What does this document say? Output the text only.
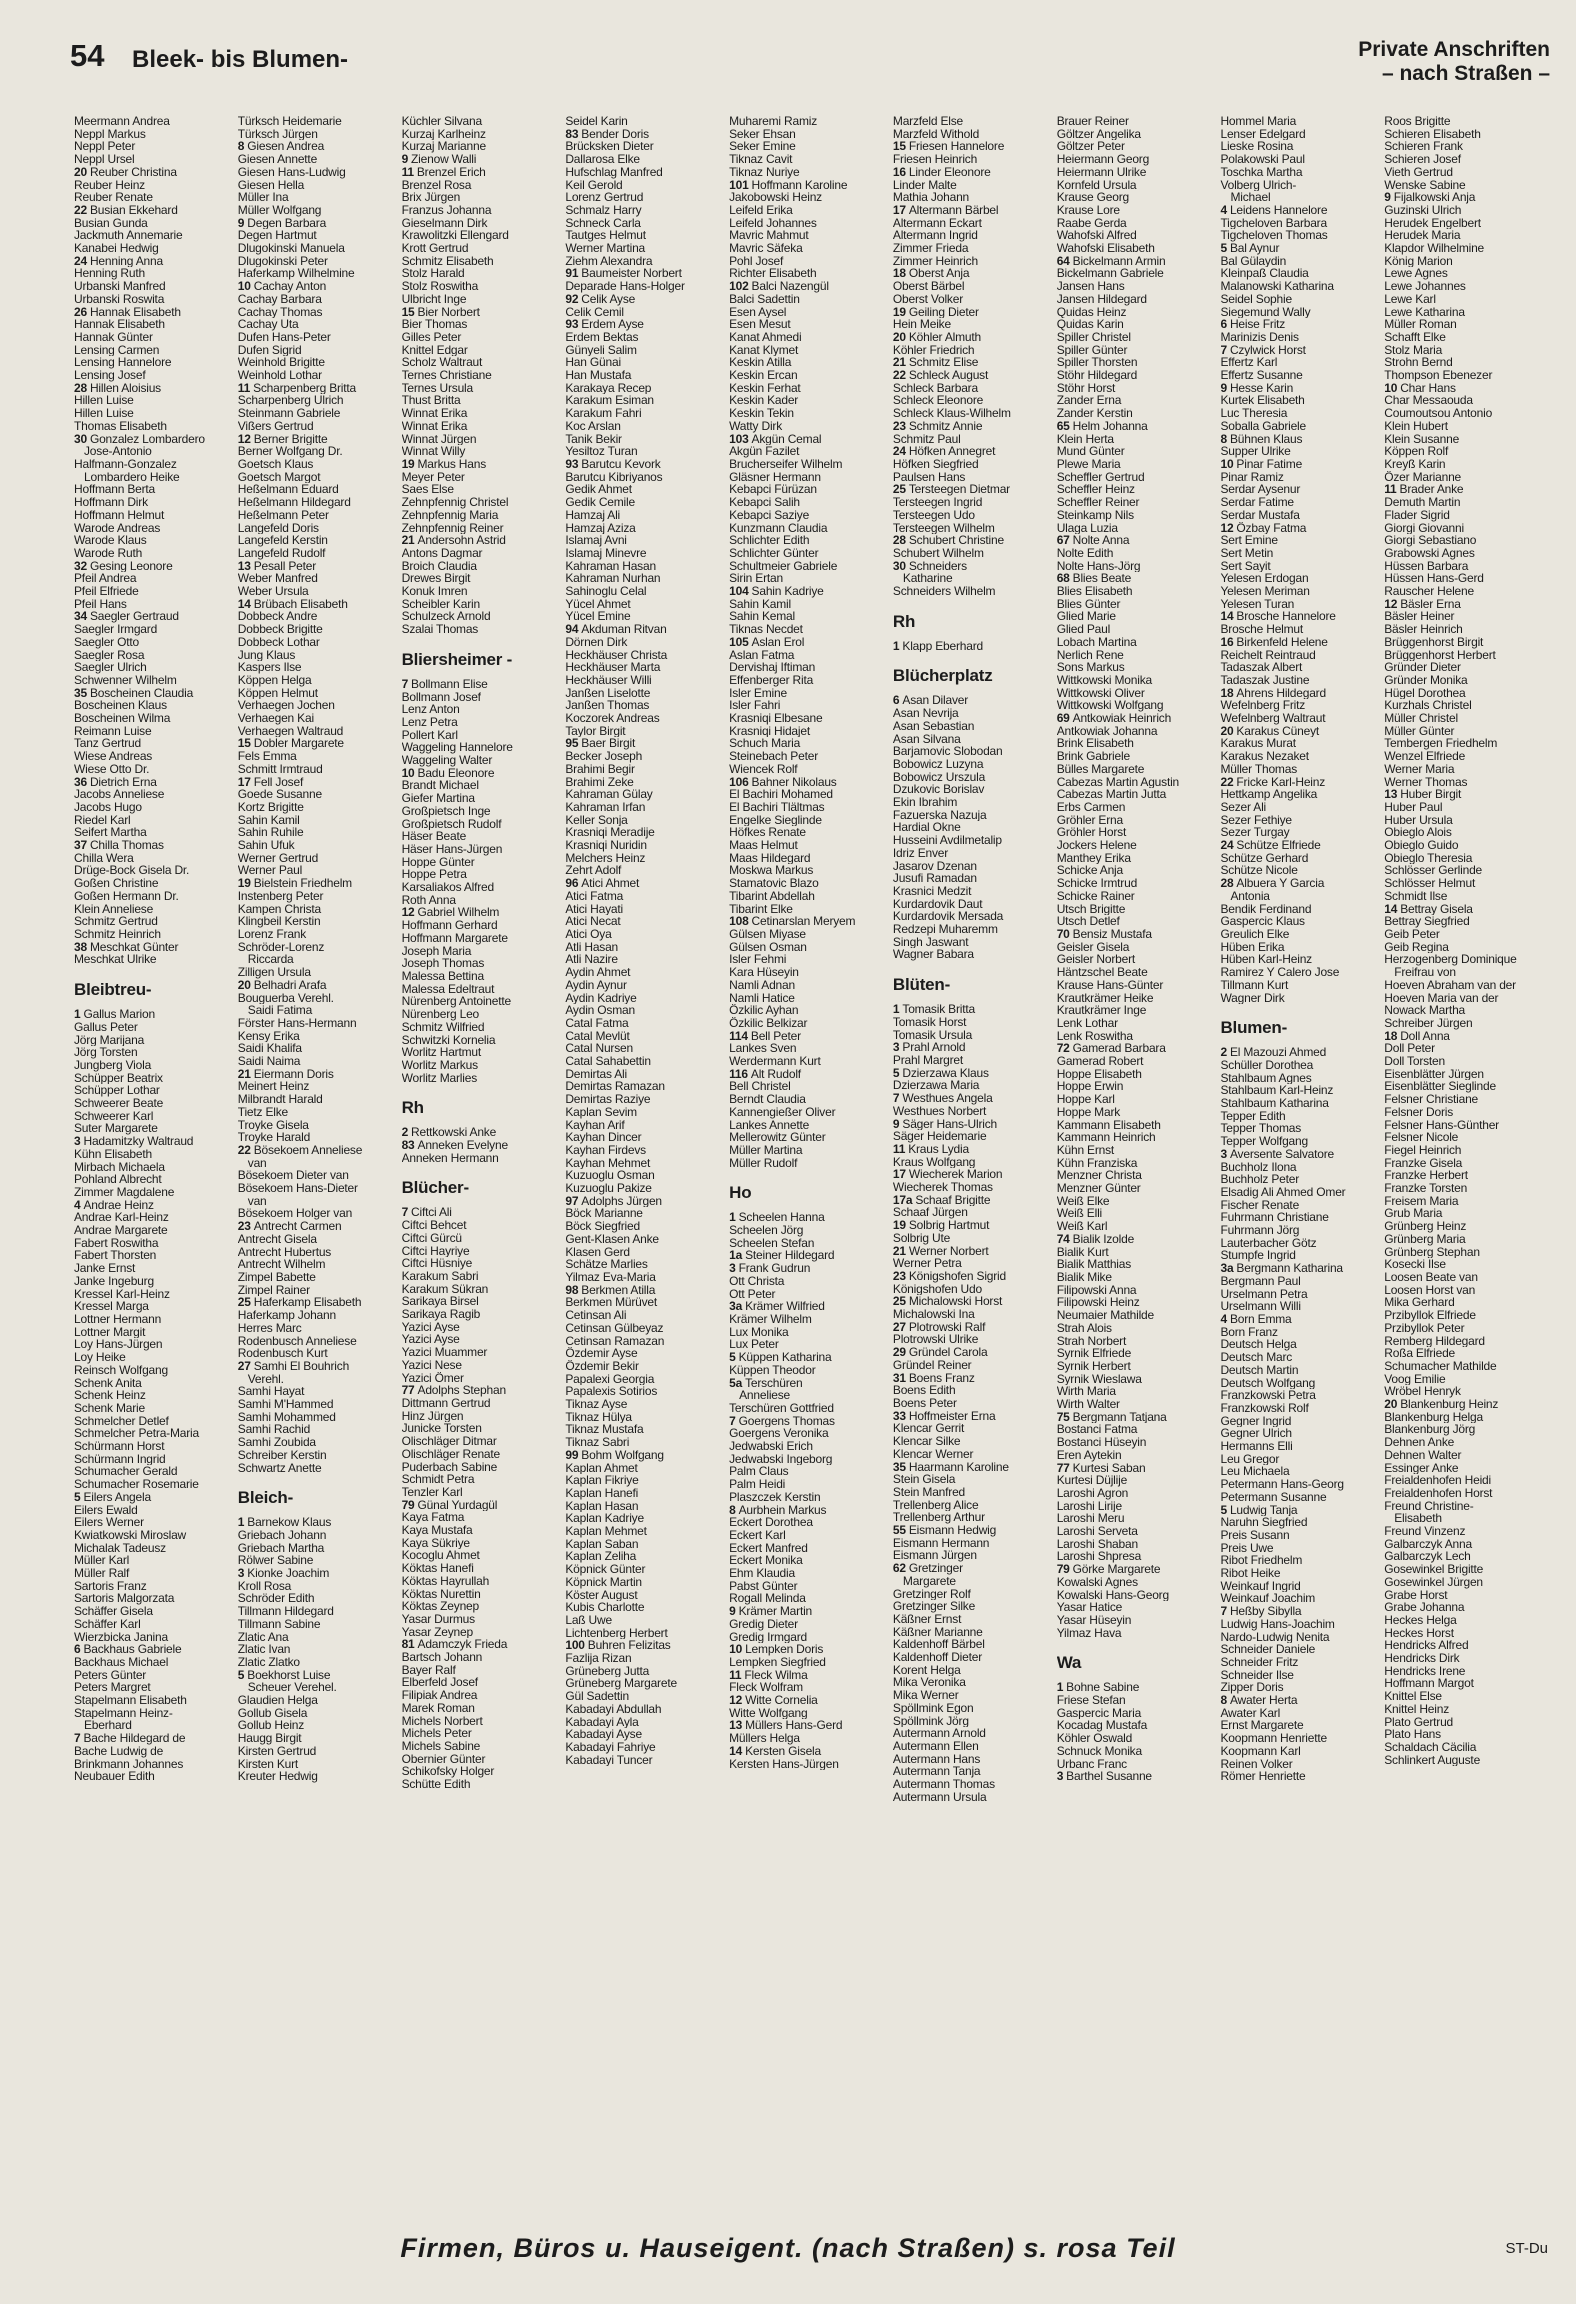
54 Bleek- bis Blumen-	Private Anschriften
– nach Straßen –
Meermann Andrea
Neppl Markus
Neppl Peter
Neppl Ursel
20 Reuber Christina
Reuber Heinz
Reuber Renate
22 Busian Ekkehard
Busian Gunda
Jackmuth Annemarie
Kanabei Hedwig
24 Henning Anna
Henning Ruth
Urbanski Manfred
Urbanski Roswita
26 Hannak Elisabeth
Hannak Elisabeth
Hannak Günter
Lensing Carmen
Lensing Hannelore
Lensing Josef
28 Hillen Aloisius
Hillen Luise
Hillen Luise
Thomas Elisabeth
30 Gonzalez Lombardero
Jose-Antonio
Halfmann-Gonzalez
Lombardero Heike
Hoffmann Berta
Hoffmann Dirk
Hoffmann Helmut
Warode Andreas
Warode Klaus
Warode Ruth
32 Gesing Leonore
Pfeil Andrea
Pfeil Elfriede
Pfeil Hans
34 Saegler Gertraud
Saegler Irmgard
Saegler Otto
Saegler Rosa
Saegler Ulrich
Schwenner Wilhelm
35 Boscheinen Claudia
Boscheinen Klaus
Boscheinen Wilma
Reimann Luise
Tanz Gertrud
Wiese Andreas
Wiese Otto Dr.
36 Dietrich Erna
Jacobs Anneliese
Jacobs Hugo
Riedel Karl
Seifert Martha
37 Chilla Thomas
Chilla Wera
Drüge-Bock Gisela Dr.
Goßen Christine
Goßen Hermann Dr.
Klein Anneliese
Schmitz Gertrud
Schmitz Heinrich
38 Meschkat Günter
Meschkat Ulrike
Bleibtreu-
1 Gallus Marion
Gallus Peter
Jörg Marijana
Jörg Torsten
Jungberg Viola
Schüpper Beatrix
Schüpper Lothar
Schweerer Beate
Schweerer Karl
Suter Margarete
3 Hadamitzky Waltraud
Kühn Elisabeth
Mirbach Michaela
Pohland Albrecht
Zimmer Magdalene
4 Andrae Heinz
Andrae Karl-Heinz
Andrae Margarete
Fabert Roswitha
Fabert Thorsten
Janke Ernst
Janke Ingeburg
Kressel Karl-Heinz
Kressel Marga
Lottner Hermann
Lottner Margit
Loy Hans-Jürgen
Loy Heike
Reinsch Wolfgang
Schenk Anita
Schenk Heinz
Schenk Marie
Schmelcher Detlef
Schmelcher Petra-Maria
Schürmann Horst
Schürmann Ingrid
Schumacher Gerald
Schumacher Rosemarie
5 Eilers Angela
Eilers Ewald
Eilers Werner
Kwiatkowski Miroslaw
Michalak Tadeusz
Müller Karl
Müller Ralf
Sartoris Franz
Sartoris Malgorzata
Schäffer Gisela
Schäffer Karl
Wierzbicka Janina
6 Backhaus Gabriele
Backhaus Michael
Peters Günter
Peters Margret
Stapelmann Elisabeth
Stapelmann Heinz-
Eberhard
7 Bache Hildegard de
Bache Ludwig de
Brinkmann Johannes
Neubauer Edith
Türksch Heidemarie
Türksch Jürgen
8 Giesen Andrea
Giesen Annette
Giesen Hans-Ludwig
Giesen Hella
Müller Ina
Müller Wolfgang
9 Degen Barbara
Degen Hartmut
Dlugokinski Manuela
Dlugokinski Peter
Haferkamp Wilhelmine
10 Cachay Anton
Cachay Barbara
Cachay Thomas
Cachay Uta
Dufen Hans-Peter
Dufen Sigrid
Weinhold Brigitte
Weinhold Lothar
11 Scharpenberg Britta
Scharpenberg Ulrich
Steinmann Gabriele
Vißers Gertrud
12 Berner Brigitte
Berner Wolfgang Dr.
Goetsch Klaus
Goetsch Margot
Heßelmann Eduard
Heßelmann Hildegard
Heßelmann Peter
Langefeld Doris
Langefeld Kerstin
Langefeld Rudolf
13 Pesall Peter
Weber Manfred
Weber Ursula
14 Brübach Elisabeth
Dobbeck Andre
Dobbeck Brigitte
Dobbeck Lothar
Jung Klaus
Kaspers Ilse
Köppen Helga
Köppen Helmut
Verhaegen Jochen
Verhaegen Kai
Verhaegen Waltraud
15 Dobler Margarete
Fels Emma
Schmitt Irmtraud
17 Fell Josef
Goede Susanne
Kortz Brigitte
Sahin Kamil
Sahin Ruhile
Sahin Ufuk
Werner Gertrud
Werner Paul
19 Bielstein Friedhelm
Instenberg Peter
Kampen Christa
Klingbeil Kerstin
Lorenz Frank
Schröder-Lorenz
Riccarda
Zilligen Ursula
20 Belhadri Arafa
Bouguerba Verehl.
Saidi Fatima
Förster Hans-Hermann
Kensy Erika
Saidi Khalifa
Saidi Naima
21 Eiermann Doris
Meinert Heinz
Milbrandt Harald
Tietz Elke
Troyke Gisela
Troyke Harald
22 Bösekoem Anneliese
van
Bösekoem Dieter van
Bösekoem Hans-Dieter
van
Bösekoem Holger van
23 Antrecht Carmen
Antrecht Gisela
Antrecht Hubertus
Antrecht Wilhelm
Zimpel Babette
Zimpel Rainer
25 Haferkamp Elisabeth
Haferkamp Johann
Herres Marc
Rodenbusch Anneliese
Rodenbusch Kurt
27 Samhi El Bouhrich
Verehl.
Samhi Hayat
Samhi M'Hammed
Samhi Mohammed
Samhi Rachid
Samhi Zoubida
Schreiber Kerstin
Schwartz Anette
Bleich-
1 Barnekow Klaus
Griebach Johann
Griebach Martha
Rölwer Sabine
3 Kionke Joachim
Kroll Rosa
Schröder Edith
Tillmann Hildegard
Tillmann Sabine
Zlatic Ana
Zlatic Ivan
Zlatic Zlatko
5 Boekhorst Luise
Scheuer Verehel.
Glaudien Helga
Gollub Gisela
Gollub Heinz
Haugg Birgit
Kirsten Gertrud
Kirsten Kurt
Kreuter Hedwig
Küchler Silvana
Kurzaj Karlheinz
Kurzaj Marianne
9 Zienow Walli
11 Brenzel Erich
Brenzel Rosa
Brix Jürgen
Franzus Johanna
Gieselmann Dirk
Krawolitzki Ellengard
Krott Gertrud
Schmitz Elisabeth
Stolz Harald
Stolz Roswitha
Ulbricht Inge
15 Bier Norbert
Bier Thomas
Gilles Peter
Knittel Edgar
Scholz Waltraut
Ternes Christiane
Ternes Ursula
Thust Britta
Winnat Erika
Winnat Erika
Winnat Jürgen
Winnat Willy
19 Markus Hans
Meyer Peter
Saes Else
Zehnpfennig Christel
Zehnpfennig Maria
Zehnpfennig Reiner
21 Andersohn Astrid
Antons Dagmar
Broich Claudia
Drewes Birgit
Konuk Imren
Scheibler Karin
Schulzeck Arnold
Szalai Thomas
Bliersheimer -
7 Bollmann Elise
Bollmann Josef
Lenz Anton
Lenz Petra
Pollert Karl
Waggeling Hannelore
Waggeling Walter
10 Badu Eleonore
Brandt Michael
Giefer Martina
Großpietsch Inge
Großpietsch Rudolf
Häser Beate
Häser Hans-Jürgen
Hoppe Günter
Hoppe Petra
Karsaliakos Alfred
Roth Anna
12 Gabriel Wilhelm
Hoffmann Gerhard
Hoffmann Margarete
Joseph Maria
Joseph Thomas
Malessa Bettina
Malessa Edeltraut
Nürenberg Antoinette
Nürenberg Leo
Schmitz Wilfried
Schwitzki Kornelia
Worlitz Hartmut
Worlitz Markus
Worlitz Marlies
Rh
2 Rettkowski Anke
83 Anneken Evelyne
Anneken Hermann
Blücher-
7 Ciftci Ali
Ciftci Behcet
Ciftci Gürcü
Ciftci Hayriye
Ciftci Hüsniye
Karakum Sabri
Karakum Sükran
Sarikaya Birsel
Sarikaya Ragib
Yazici Ayse
Yazici Ayse
Yazici Muammer
Yazici Nese
Yazici Ömer
77 Adolphs Stephan
Dittmann Gertrud
Hinz Jürgen
Junicke Torsten
Olischläger Ditmar
Olischläger Renate
Puderbach Sabine
Schmidt Petra
Tenzler Karl
79 Günal Yurdagül
Kaya Fatma
Kaya Mustafa
Kaya Sükriye
Kocoglu Ahmet
Köktas Hanefi
Köktas Hayrullah
Köktas Nurettin
Köktas Zeynep
Yasar Durmus
Yasar Zeynep
81 Adamczyk Frieda
Bartsch Johann
Bayer Ralf
Elberfeld Josef
Filipiak Andrea
Marek Roman
Michels Norbert
Michels Peter
Michels Sabine
Obernier Günter
Schikofsky Holger
Schütte Edith
Seidel Karin
83 Bender Doris
Brücksken Dieter
Dallarosa Elke
Hufschlag Manfred
Keil Gerold
Lorenz Gertrud
Schmalz Harry
Schneck Carla
Tautges Helmut
Werner Martina
Ziehm Alexandra
91 Baumeister Norbert
Deparade Hans-Holger
92 Celik Ayse
Celik Cemil
93 Erdem Ayse
Erdem Bektas
Günyeli Salim
Han Günai
Han Mustafa
Karakaya Recep
Karakum Esiman
Karakum Fahri
Koc Arslan
Tanik Bekir
Yesiltoz Turan
93 Barutcu Kevork
Barutcu Kibriyanos
Gedik Ahmet
Gedik Cemile
Hamzaj Ali
Hamzaj Aziza
Islamaj Avni
Islamaj Minevre
Kahraman Hasan
Kahraman Nurhan
Sahinoglu Celal
Yücel Ahmet
Yücel Emine
94 Akduman Ritvan
Dörnen Dirk
Heckhäuser Christa
Heckhäuser Marta
Heckhäuser Willi
Janßen Liselotte
Janßen Thomas
Koczorek Andreas
Taylor Birgit
95 Baer Birgit
Becker Joseph
Brahimi Begir
Brahimi Zeke
Kahraman Gülay
Kahraman Irfan
Keller Sonja
Krasniqi Meradije
Krasniqi Nuridin
Melchers Heinz
Zehrt Adolf
96 Atici Ahmet
Atici Fatma
Atici Hayati
Atici Necat
Atici Oya
Atli Hasan
Atli Nazire
Aydin Ahmet
Aydin Aynur
Aydin Kadriye
Aydin Osman
Catal Fatma
Catal Mevlüt
Catal Nursen
Catal Sahabettin
Demirtas Ali
Demirtas Ramazan
Demirtas Raziye
Kaplan Sevim
Kayhan Arif
Kayhan Dincer
Kayhan Firdevs
Kayhan Mehmet
Kuzuoglu Osman
Kuzuoglu Pakize
97 Adolphs Jürgen
Böck Marianne
Böck Siegfried
Gent-Klasen Anke
Klasen Gerd
Schätze Marlies
Yilmaz Eva-Maria
98 Berkmen Atilla
Berkmen Mürüvet
Cetinsan Ali
Cetinsan Gülbeyaz
Cetinsan Ramazan
Özdemir Ayse
Özdemir Bekir
Papalexi Georgia
Papalexis Sotirios
Tiknaz Ayse
Tiknaz Hülya
Tiknaz Mustafa
Tiknaz Sabri
99 Bohm Wolfgang
Kaplan Ahmet
Kaplan Fikriye
Kaplan Hanefi
Kaplan Hasan
Kaplan Kadriye
Kaplan Mehmet
Kaplan Saban
Kaplan Zeliha
Köpnick Günter
Köpnick Martin
Köster August
Kubis Charlotte
Laß Uwe
Lichtenberg Herbert
100 Buhren Felizitas
Fazlija Rizan
Grüneberg Jutta
Grüneberg Margarete
Gül Sadettin
Kabadayi Abdullah
Kabadayi Ayla
Kabadayi Ayse
Kabadayi Fahriye
Kabadayi Tuncer
Muharemi Ramiz
Seker Ehsan
Seker Emine
Tiknaz Cavit
Tiknaz Nuriye
101 Hoffmann Karoline
Jakobowski Heinz
Leifeld Erika
Leifeld Johannes
Mavric Mahmut
Mavric Säfeka
Pohl Josef
Richter Elisabeth
102 Balci Nazengül
Balci Sadettin
Esen Aysel
Esen Mesut
Kanat Ahmedi
Kanat Klymet
Keskin Atilla
Keskin Ercan
Keskin Ferhat
Keskin Kader
Keskin Tekin
Watty Dirk
103 Akgün Cemal
Akgün Fazilet
Brucherseifer Wilhelm
Gläsner Hermann
Kebapci Fürüzan
Kebapci Salih
Kebapci Saziye
Kunzmann Claudia
Schlichter Edith
Schlichter Günter
Schultmeier Gabriele
Sirin Ertan
104 Sahin Kadriye
Sahin Kamil
Sahin Kemal
Tiknas Necdet
105 Aslan Erol
Aslan Fatma
Dervishaj Iftiman
Effenberger Rita
Isler Emine
Isler Fahri
Krasniqi Elbesane
Krasniqi Hidajet
Schuch Maria
Steinebach Peter
Wiencek Rolf
106 Bahner Nikolaus
El Bachiri Mohamed
El Bachiri Tlältmas
Engelke Sieglinde
Höfkes Renate
Maas Helmut
Maas Hildegard
Moskwa Markus
Stamatovic Blazo
Tibarint Abdellah
Tibarint Elke
108 Cetinarslan Meryem
Gülsen Miyase
Gülsen Osman
Isler Fehmi
Kara Hüseyin
Namli Adnan
Namli Hatice
Özkilic Ayhan
Özkilic Belkizar
114 Bell Peter
Lankes Sven
Werdermann Kurt
116 Alt Rudolf
Bell Christel
Berndt Claudia
Kannengießer Oliver
Lankes Annette
Mellerowitz Günter
Müller Martina
Müller Rudolf
Ho
1 Scheelen Hanna
Scheelen Jörg
Scheelen Stefan
1a Steiner Hildegard
3 Frank Gudrun
Ott Christa
Ott Peter
3a Krämer Wilfried
Krämer Wilhelm
Lux Monika
Lux Peter
5 Küppen Katharina
Küppen Theodor
5a Terschüren
Anneliese
Terschüren Gottfried
7 Goergens Thomas
Goergens Veronika
Jedwabski Erich
Jedwabski Ingeborg
Palm Claus
Palm Heidi
Plaszczek Kerstin
8 Aurbhein Markus
Eckert Dorothea
Eckert Karl
Eckert Manfred
Eckert Monika
Ehm Klaudia
Pabst Günter
Rogall Melinda
9 Krämer Martin
Gredig Dieter
Gredig Irmgard
10 Lempken Doris
Lempken Siegfried
11 Fleck Wilma
Fleck Wolfram
12 Witte Cornelia
Witte Wolfgang
13 Müllers Hans-Gerd
Müllers Helga
14 Kersten Gisela
Kersten Hans-Jürgen
Marzfeld Else
Marzfeld Withold
15 Friesen Hannelore
Friesen Heinrich
16 Linder Eleonore
Linder Malte
Mathia Johann
17 Altermann Bärbel
Altermann Eckart
Altermann Ingrid
Zimmer Frieda
Zimmer Heinrich
18 Oberst Anja
Oberst Bärbel
Oberst Volker
19 Geiling Dieter
Hein Meike
20 Köhler Almuth
Köhler Friedrich
21 Schmitz Elise
22 Schleck August
Schleck Barbara
Schleck Eleonore
Schleck Klaus-Wilhelm
23 Schmitz Annie
Schmitz Paul
24 Höfken Annegret
Höfken Siegfried
Paulsen Hans
25 Tersteegen Dietmar
Tersteegen Ingrid
Tersteegen Udo
Tersteegen Wilhelm
28 Schubert Christine
Schubert Wilhelm
30 Schneiders
Katharine
Schneiders Wilhelm
Rh
1 Klapp Eberhard
Blücherplatz
6 Asan Dilaver
Asan Nevrija
Asan Sebastian
Asan Silvana
Barjamovic Slobodan
Bobowicz Luzyna
Bobowicz Urszula
Dzukovic Borislav
Ekin Ibrahim
Fazuerska Nazuja
Hardial Okne
Husseini Avdilmetalip
Idriz Enver
Jasarov Dzenan
Jusufi Ramadan
Krasnici Medzit
Kurdardovik Daut
Kurdardovik Mersada
Redzepi Muharemm
Singh Jaswant
Wagner Babara
Blüten-
1 Tomasik Britta
Tomasik Horst
Tomasik Ursula
3 Prahl Arnold
Prahl Margret
5 Dzierzawa Klaus
Dzierzawa Maria
7 Westhues Angela
Westhues Norbert
9 Säger Hans-Ulrich
Säger Heidemarie
11 Kraus Lydia
Kraus Wolfgang
17 Wiecherek Marion
Wiecherek Thomas
17a Schaaf Brigitte
Schaaf Jürgen
19 Solbrig Hartmut
Solbrig Ute
21 Werner Norbert
Werner Petra
23 Königshofen Sigrid
Königshofen Udo
25 Michalowski Horst
Michalowski Ina
27 Plotrowski Ralf
Plotrowski Ulrike
29 Gründel Carola
Gründel Reiner
31 Boens Franz
Boens Edith
Boens Peter
33 Hoffmeister Erna
Klencar Gerrit
Klencar Silke
Klencar Werner
35 Haarmann Karoline
Stein Gisela
Stein Manfred
Trellenberg Alice
Trellenberg Arthur
55 Eismann Hedwig
Eismann Hermann
Eismann Jürgen
62 Gretzinger
Margarete
Gretzinger Rolf
Gretzinger Silke
Käßner Ernst
Käßner Marianne
Kaldenhoff Bärbel
Kaldenhoff Dieter
Korent Helga
Mika Veronika
Mika Werner
Spöllmink Egon
Spöllmink Jörg
Autermann Arnold
Autermann Ellen
Autermann Hans
Autermann Tanja
Autermann Thomas
Autermann Ursula
Brauer Reiner
Göltzer Angelika
Göltzer Peter
Heiermann Georg
Heiermann Ulrike
Kornfeld Ursula
Krause Georg
Krause Lore
Raabe Gerda
Wahofski Alfred
Wahofski Elisabeth
64 Bickelmann Armin
Bickelmann Gabriele
Jansen Hans
Jansen Hildegard
Quidas Heinz
Quidas Karin
Spiller Christel
Spiller Günter
Spiller Thorsten
Stöhr Hildegard
Stöhr Horst
Zander Erna
Zander Kerstin
65 Helm Johanna
Klein Herta
Mund Günter
Plewe Maria
Scheffler Gertrud
Scheffler Heinz
Scheffler Reiner
Steinkamp Nils
Ulaga Luzia
67 Nolte Anna
Nolte Edith
Nolte Hans-Jörg
68 Blies Beate
Blies Elisabeth
Blies Günter
Glied Marie
Glied Paul
Lobach Martina
Nerlich Rene
Sons Markus
Wittkowski Monika
Wittkowski Oliver
Wittkowski Wolfgang
69 Antkowiak Heinrich
Antkowiak Johanna
Brink Elisabeth
Brink Gabriele
Bülles Margarete
Cabezas Martin Agustin
Cabezas Martin Jutta
Erbs Carmen
Gröhler Erna
Gröhler Horst
Jockers Helene
Manthey Erika
Schicke Anja
Schicke Irmtrud
Schicke Rainer
Utsch Brigitte
Utsch Detlef
70 Bensiz Mustafa
Geisler Gisela
Geisler Norbert
Häntzschel Beate
Krause Hans-Günter
Krautkrämer Heike
Krautkrämer Inge
Lenk Lothar
Lenk Roswitha
72 Gamerad Barbara
Gamerad Robert
Hoppe Elisabeth
Hoppe Erwin
Hoppe Karl
Hoppe Mark
Kammann Elisabeth
Kammann Heinrich
Kühn Ernst
Kühn Franziska
Menzner Christa
Menzner Günter
Weiß Elke
Weiß Elli
Weiß Karl
74 Bialik Izolde
Bialik Kurt
Bialik Matthias
Bialik Mike
Filipowski Anna
Filipowski Heinz
Neumaier Mathilde
Strah Alois
Strah Norbert
Syrnik Elfriede
Syrnik Herbert
Syrnik Wieslawa
Wirth Maria
Wirth Walter
75 Bergmann Tatjana
Bostanci Fatma
Bostanci Hüseyin
Eren Aytekin
77 Kurtesi Saban
Kurtesi Düjlije
Laroshi Agron
Laroshi Lirije
Laroshi Meru
Laroshi Serveta
Laroshi Shaban
Laroshi Shpresa
79 Görke Margarete
Kowalski Agnes
Kowalski Hans-Georg
Yasar Hatice
Yasar Hüseyin
Yilmaz Hava
Wa
1 Bohne Sabine
Friese Stefan
Gaspercic Maria
Kocadag Mustafa
Köhler Oswald
Schnuck Monika
Urbanc Franc
3 Barthel Susanne
Hommel Maria
Lenser Edelgard
Lieske Rosina
Polakowski Paul
Toschka Martha
Volberg Ulrich-
Michael
4 Leidens Hannelore
Tigcheloven Barbara
Tigcheloven Thomas
5 Bal Aynur
Bal Gülaydin
Kleinpaß Claudia
Malanowski Katharina
Seidel Sophie
Siegemund Wally
6 Heise Fritz
Marinizis Denis
7 Czylwick Horst
Effertz Karl
Effertz Susanne
9 Hesse Karin
Kurtek Elisabeth
Luc Theresia
Soballa Gabriele
8 Bühnen Klaus
Supper Ulrike
10 Pinar Fatime
Pinar Ramiz
Serdar Aysenur
Serdar Fatime
Serdar Mustafa
12 Özbay Fatma
Sert Emine
Sert Metin
Sert Sayit
Yelesen Erdogan
Yelesen Meriman
Yelesen Turan
14 Brosche Hannelore
Brosche Helmut
16 Birkenfeld Helene
Reichelt Reintraud
Tadaszak Albert
Tadaszak Justine
18 Ahrens Hildegard
Wefelnberg Fritz
Wefelnberg Waltraut
20 Karakus Cüneyt
Karakus Murat
Karakus Nezaket
Müller Thomas
22 Fricke Karl-Heinz
Hettkamp Angelika
Sezer Ali
Sezer Fethiye
Sezer Turgay
24 Schütze Elfriede
Schütze Gerhard
Schütze Nicole
28 Albuera Y Garcia
Antonia
Bendik Ferdinand
Gaspercic Klaus
Greulich Elke
Hüben Erika
Hüben Karl-Heinz
Ramirez Y Calero Jose
Tillmann Kurt
Wagner Dirk
Blumen-
2 El Mazouzi Ahmed
Schüller Dorothea
Stahlbaum Agnes
Stahlbaum Karl-Heinz
Stahlbaum Katharina
Tepper Edith
Tepper Thomas
Tepper Wolfgang
3 Aversente Salvatore
Buchholz Ilona
Buchholz Peter
Elsadig Ali Ahmed Omer
Fischer Renate
Fuhrmann Christiane
Fuhrmann Jörg
Lauterbacher Götz
Stumpfe Ingrid
3a Bergmann Katharina
Bergmann Paul
Urselmann Petra
Urselmann Willi
4 Born Emma
Born Franz
Deutsch Helga
Deutsch Marc
Deutsch Martin
Deutsch Wolfgang
Franzkowski Petra
Franzkowski Rolf
Gegner Ingrid
Gegner Ulrich
Hermanns Elli
Leu Gregor
Leu Michaela
Petermann Hans-Georg
Petermann Susanne
5 Ludwig Tanja
Naruhn Siegfried
Preis Susann
Preis Uwe
Ribot Friedhelm
Ribot Heike
Weinkauf Ingrid
Weinkauf Joachim
7 Heßby Sibylla
Ludwig Hans-Joachim
Nardo-Ludwig Nenita
Schneider Daniele
Schneider Fritz
Schneider Ilse
Zipper Doris
8 Awater Herta
Awater Karl
Ernst Margarete
Koopmann Henriette
Koopmann Karl
Reinen Volker
Römer Henriette
Roos Brigitte
Schieren Elisabeth
Schieren Frank
Schieren Josef
Vieth Gertrud
Wenske Sabine
9 Fijalkowski Anja
Guzinski Ulrich
Herudek Engelbert
Herudek Maria
Klapdor Wilhelmine
König Marion
Lewe Agnes
Lewe Johannes
Lewe Karl
Lewe Katharina
Müller Roman
Schafft Elke
Stolz Maria
Strohn Bernd
Thompson Ebenezer
10 Char Hans
Char Messaouda
Coumoutsou Antonio
Klein Hubert
Klein Susanne
Köppen Rolf
Kreyß Karin
Özer Marianne
11 Brader Anke
Demuth Martin
Flader Sigrid
Giorgi Giovanni
Giorgi Sebastiano
Grabowski Agnes
Hüssen Barbara
Hüssen Hans-Gerd
Rauscher Helene
12 Bäsler Erna
Bäsler Heiner
Bäsler Heinrich
Brüggenhorst Birgit
Brüggenhorst Herbert
Gründer Dieter
Gründer Monika
Hügel Dorothea
Kurzhals Christel
Müller Christel
Müller Günter
Tembergen Friedhelm
Wenzel Elfriede
Werner Maria
Werner Thomas
13 Huber Birgit
Huber Paul
Huber Ursula
Obieglo Alois
Obieglo Guido
Obieglo Theresia
Schlösser Gerlinde
Schlösser Helmut
Schmidt Ilse
14 Bettray Gisela
Bettray Siegfried
Geib Peter
Geib Regina
Herzogenberg Dominique
Freifrau von
Hoeven Abraham van der
Hoeven Maria van der
Nowack Martha
Schreiber Jürgen
18 Doll Anna
Doll Peter
Doll Torsten
Eisenblätter Jürgen
Eisenblätter Sieglinde
Felsner Christiane
Felsner Doris
Felsner Hans-Günther
Felsner Nicole
Fiegel Heinrich
Franzke Gisela
Franzke Herbert
Franzke Torsten
Freisem Maria
Grub Maria
Grünberg Heinz
Grünberg Maria
Grünberg Stephan
Kosecki Ilse
Loosen Beate van
Loosen Horst van
Mika Gerhard
Przibyllok Elfriede
Przibyllok Peter
Remberg Hildegard
Roßa Elfriede
Schumacher Mathilde
Voog Emilie
Wröbel Henryk
20 Blankenburg Heinz
Blankenburg Helga
Blankenburg Jörg
Dehnen Anke
Dehnen Walter
Essinger Anke
Freialdenhofen Heidi
Freialdenhofen Horst
Freund Christine-
Elisabeth
Freund Vinzenz
Galbarczyk Anna
Galbarczyk Lech
Gosewinkel Brigitte
Gosewinkel Jürgen
Grabe Horst
Grabe Johanna
Heckes Helga
Heckes Horst
Hendricks Alfred
Hendricks Dirk
Hendricks Irene
Hoffmann Margot
Knittel Else
Knittel Heinz
Plato Gertrud
Plato Hans
Schaldach Cäcilia
Schlinkert Auguste
Firmen, Büros u. Hauseigent. (nach Straßen) s. rosa Teil	ST-Du
